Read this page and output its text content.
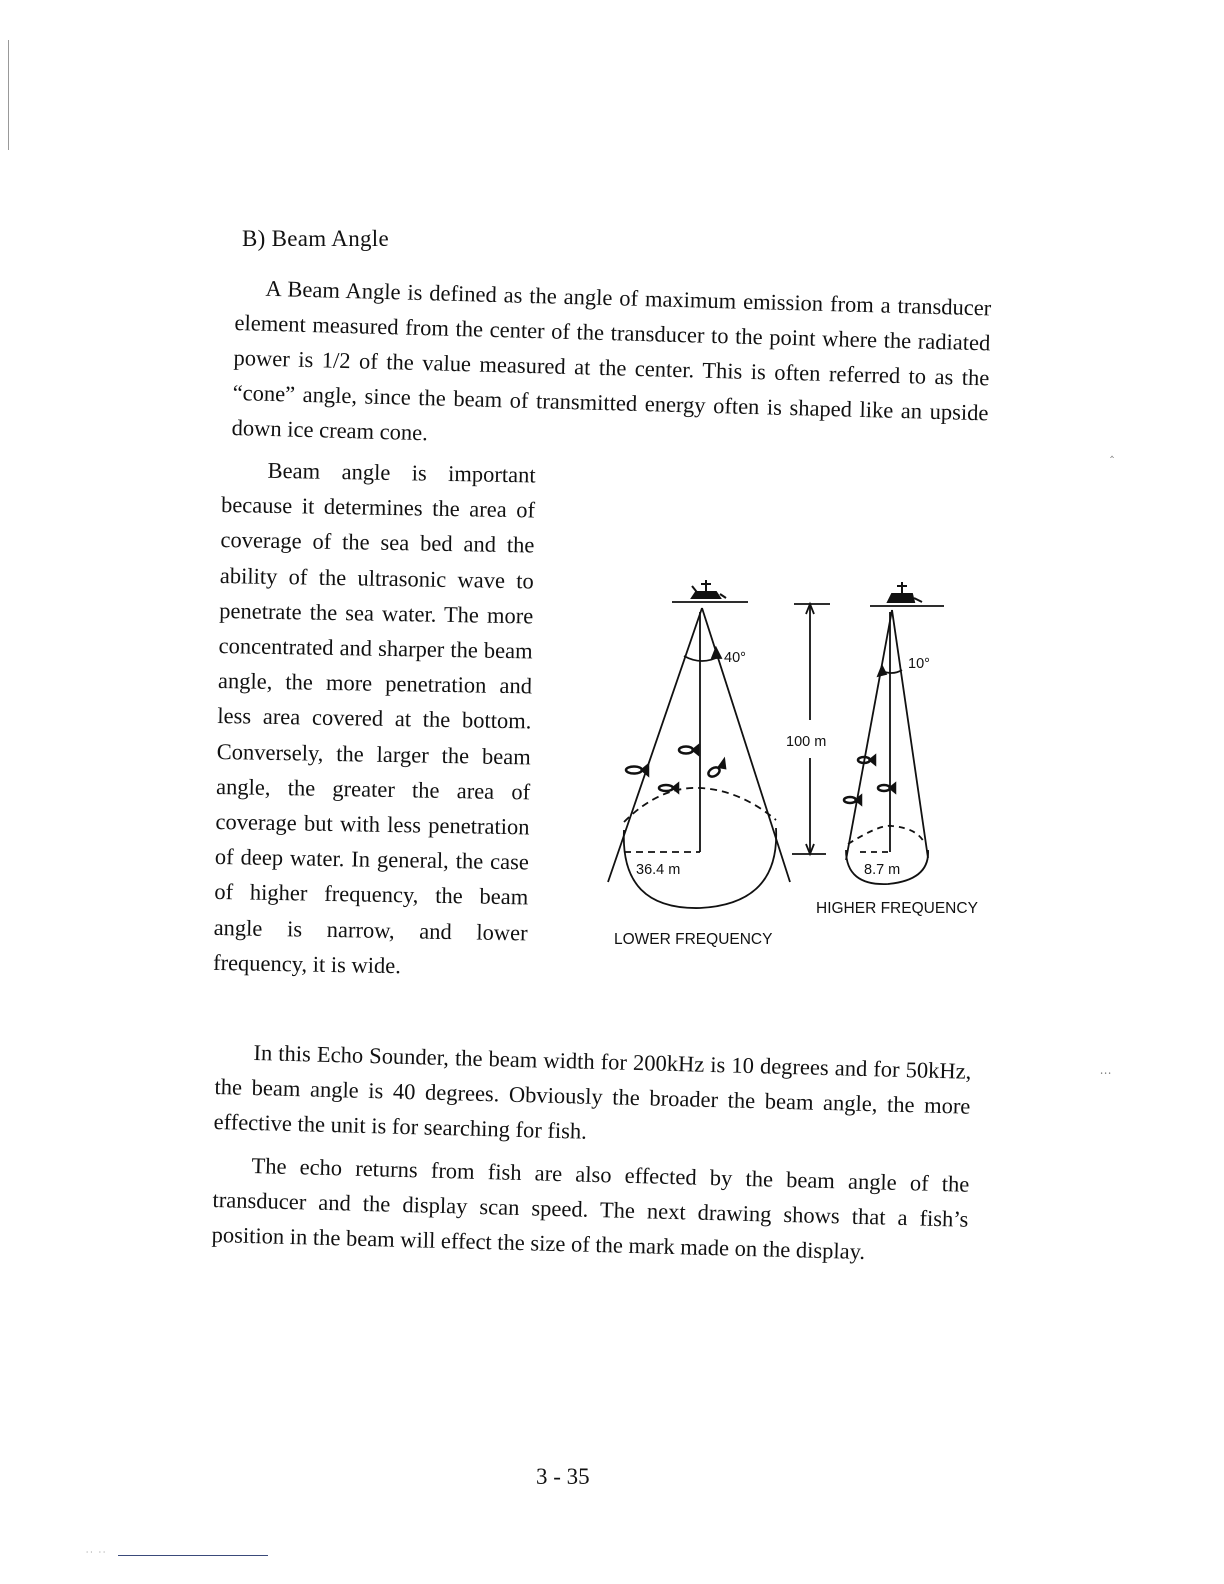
B) Beam Angle

A Beam Angle is defined as the angle of maximum emission from a transducer element measured from the center of the transducer to the point where the radiated power is 1/2 of the value measured at the center. This is often referred to as the “cone” angle, since the beam of transmitted energy often is shaped like an upside down ice cream cone.

Beam angle is important because it determines the area of coverage of the sea bed and the ability of the ultrasonic wave to penetrate the sea water. The more concentrated and sharper the beam angle, the more penetration and less area covered at the bottom. Conversely, the larger the beam angle, the greater the area of coverage but with less penetration of deep water. In general, the case of higher frequency, the beam angle is narrow, and lower frequency, it is wide.

40°
36.4 m
LOWER FREQUENCY
100 m
10°
8.7 m
HIGHER FREQUENCY

In this Echo Sounder, the beam width for 200kHz is 10 degrees and for 50kHz, the beam angle is 40 degrees. Obviously the broader the beam angle, the more effective the unit is for searching for fish.

The echo returns from fish are also effected by the beam angle of the transducer and the display scan speed. The next drawing shows that a fish’s position in the beam will effect the size of the mark made on the display.

3 - 35

‸
∙∙∙
∙∙ ∙∙
